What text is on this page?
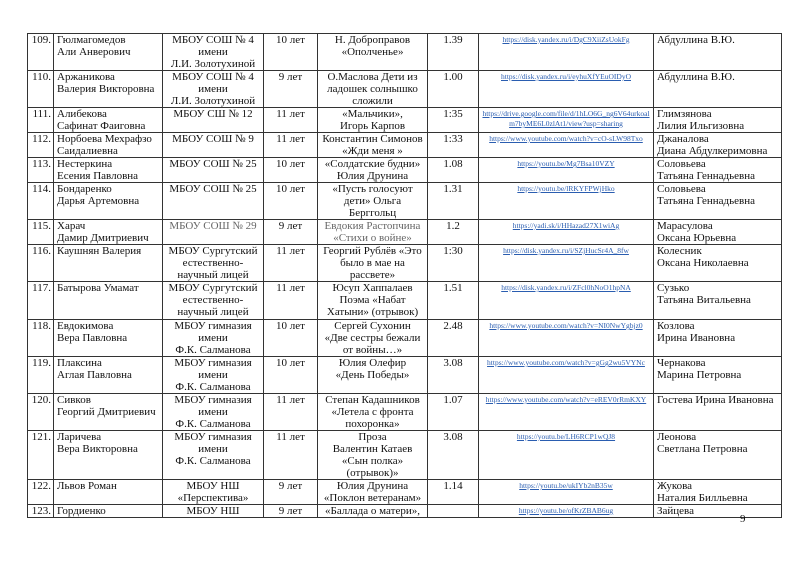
109.	Гюлмагомедов
Али Анверович	МБОУ СОШ № 4
имени
Л.И. Золотухиной	10 лет	Н. Доброправов
«Ополченье»	1.39	https://disk.yandex.ru/i/DgC9XiiZsUokFg	Абдуллина В.Ю.
110.	Аржаникова
Валерия Викторовна	МБОУ СОШ № 4
имени
Л.И. Золотухиной	9 лет	О.Маслова Дети из
ладошек солнышко
сложили	1.00	https://disk.yandex.ru/i/eyhuXfYEuOIDyO	Абдуллина В.Ю.
111.	Алибекова
Сафинат Фаиговна	МБОУ СШ № 12	11 лет	«Мальчики»,
Игорь Карпов	1:35	https://drive.google.com/file/d/1hLO6G_ng6V64urkoalm7byME6L0zlAt1/view?usp=sharing	Глимзянова
Лилия Ильгизовна
112.	Норбоева Мехрафзо
Саидалиевна	МБОУ СОШ № 9	11 лет	Константин Симонов
«Жди меня »	1:33	https://www.youtube.com/watch?v=cO-sLW98Txo	Джаналова
Диана Абдулкеримовна
113.	Нестеркина
Есения Павловна	МБОУ СОШ № 25	10 лет	«Солдатские будни»
Юлия Друнина	1.08	https://youtu.be/Mg7Bsa10VZY	Соловьева
Татьяна Геннадьевна
114.	Бондаренко
Дарья Артемовна	МБОУ СОШ № 25	10 лет	«Пусть голосуют
дети» Ольга
Берггольц	1.31	https://youtu.be/lRKYFPWjHko	Соловьева
Татьяна Геннадьевна
115.	Харач
Дамир Дмитриевич	МБОУ СОШ № 29	9 лет	Евдокия Растопчина
«Стихи о войне»	1.2	https://yadi.sk/i/HHazad27X1wiAg	Марасулова
Оксана Юрьевна
116.	Каушнян Валерия	МБОУ Сургутский
естественно-
научный лицей	11 лет	Георгий Рублёв «Это
было в мае на
рассвете»	1:30	https://disk.yandex.ru/i/SZjHucSr4A_8fw	Колесник
Оксана Николаевна
117.	Батырова Умамат	МБОУ Сургутский
естественно-
научный лицей	11 лет	Юсуп Хаппалаев
Поэма «Набат
Хатыни» (отрывок)	1.51	https://disk.yandex.ru/i/ZFcl0hNoO1hpNA	Сузько
Татьяна Витальевна
118.	Евдокимова
Вера Павловна	МБОУ гимназия
имени
Ф.К. Салманова	10 лет	Сергей Сухонин
«Две сестры бежали
от войны…»	2.48	https://www.youtube.com/watch?v=NI0NwYgbjz0	Козлова
Ирина Ивановна
119.	Плаксина
Аглая Павловна	МБОУ гимназия
имени
Ф.К. Салманова	10 лет	Юлия Олефир
«День Победы»	3.08	https://www.youtube.com/watch?v=gGg2wu5VYNc	Чернакова
Марина Петровна
120.	Сивков
Георгий Дмитриевич	МБОУ гимназия
имени
Ф.К. Салманова	11 лет	Степан Кадашников
«Летела с фронта
похоронка»	1.07	https://www.youtube.com/watch?v=eREV0rRmKXY	Гостева Ирина Ивановна
121.	Ларичева
Вера Викторовна	МБОУ гимназия
имени
Ф.К. Салманова	11 лет	Проза
Валентин Катаев
«Сын полка»
(отрывок)»	3.08	https://youtu.be/LH6RCP1wQJ8	Леонова
Светлана Петровна
122.	Львов Роман	МБОУ НШ
«Перспектива»	9 лет	Юлия Друнина
«Поклон ветеранам»	1.14	https://youtu.be/ukIYb2nB35w	Жукова
Наталия Билльевна
123.	Гордиенко	МБОУ НШ	9 лет	«Баллада о матери»,		https://youtu.be/ofKrZBAB6ug	Зайцева
9
